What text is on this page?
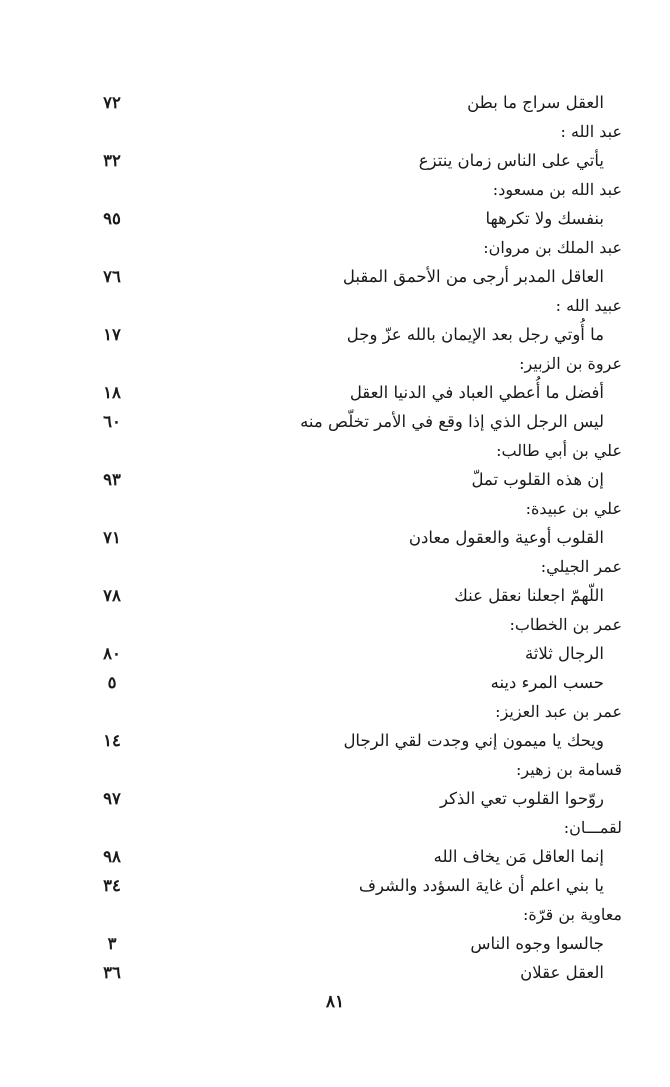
العقل سراج ما بطن
٧٢
عبد الله :
يأتي على الناس زمان ينتزع
٣٢
عبد الله بن مسعود:
بنفسك ولا تكرهها
٩٥
عبد الملك بن مروان:
العاقل المدبر أرجى من الأحمق المقبل
٧٦
عبيد الله :
ما أُوتي رجل بعد الإيمان بالله عزّ وجل
١٧
عروة بن الزبير:
أفضل ما أُعطي العباد في الدنيا العقل
١٨
ليس الرجل الذي إذا وقع في الأمر تخلّص منه
٦٠
علي بن أبي طالب:
إن هذه القلوب تملّ
٩٣
علي بن عبيدة:
القلوب أوعية والعقول معادن
٧١
عمر الجيلي:
اللّهمّ اجعلنا نعقل عنك
٧٨
عمر بن الخطاب:
الرجال ثلاثة
٨٠
حسب المرء دينه
٥
عمر بن عبد العزيز:
ويحك يا ميمون إني وجدت لقي الرجال
١٤
قسامة بن زهير:
روّحوا القلوب تعي الذكر
٩٧
لقمـــان:
إنما العاقل مَن يخاف الله
٩٨
يا بني اعلم أن غاية السؤدد والشرف
٣٤
معاوية بن قرّة:
جالسوا وجوه الناس
٣
العقل عقلان
٣٦
٨١
